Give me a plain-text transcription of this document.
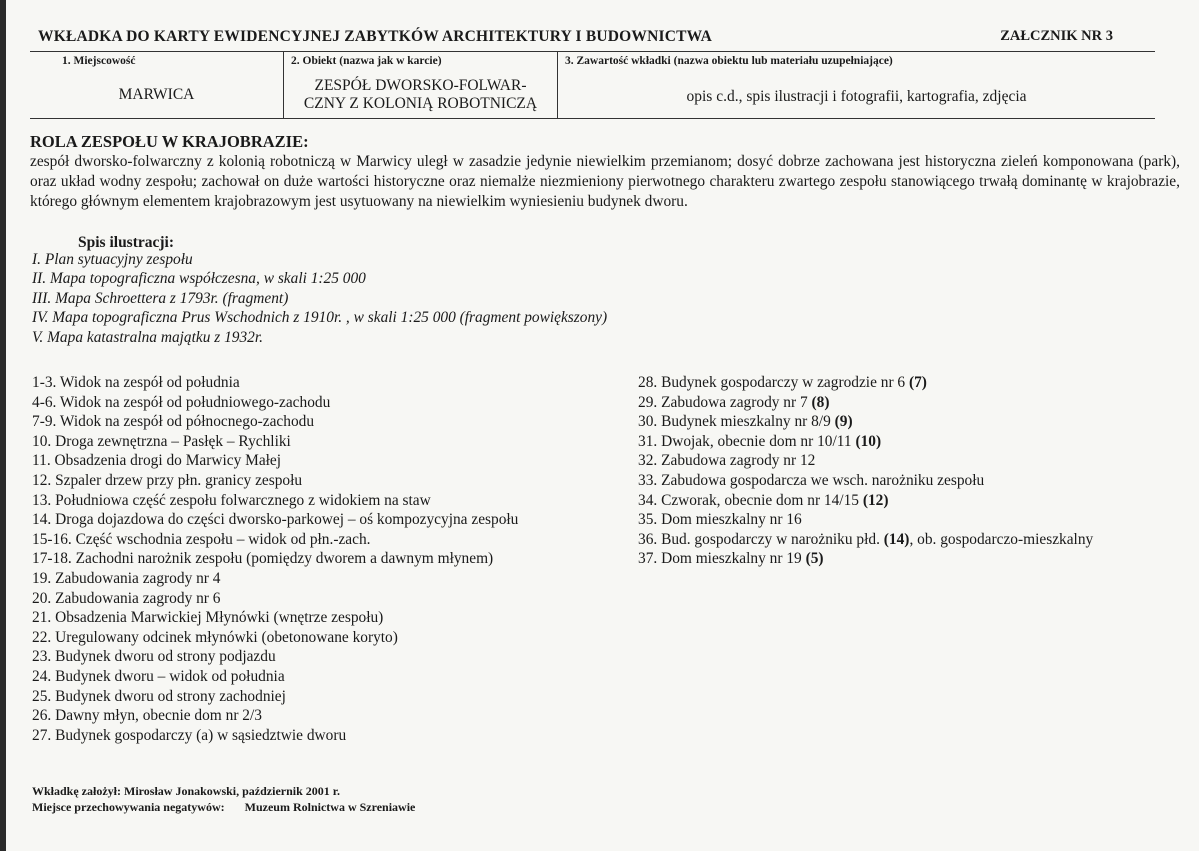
WKŁADKA DO KARTY EWIDENCYJNEJ ZABYTKÓW ARCHITEKTURY I BUDOWNICTWA	ZAŁCZNIK NR 3
1. Miejscowość
MARWICA
2. Obiekt (nazwa jak w karcie)
ZESPÓŁ DWORSKO-FOLWAR-
CZNY Z KOLONIĄ ROBOTNICZĄ
3. Zawartość wkładki (nazwa obiektu lub materiału uzupełniające)
opis c.d., spis ilustracji i fotografii, kartografia, zdjęcia
ROLA ZESPOŁU W KRAJOBRAZIE:
zespół dworsko-folwarczny z kolonią robotniczą w Marwicy uległ w zasadzie jedynie niewielkim przemianom; dosyć dobrze zachowana jest historyczna zieleń komponowana (park), oraz układ wodny zespołu; zachował on duże wartości historyczne oraz niemalże niezmieniony pierwotnego charakteru zwartego zespołu stanowiącego trwałą dominantę w krajobrazie, którego głównym elementem krajobrazowym jest usytuowany na niewielkim wyniesieniu budynek dworu.
Spis ilustracji:
I. Plan sytuacyjny zespołu
II. Mapa topograficzna współczesna, w skali 1:25 000
III. Mapa Schroettera z 1793r. (fragment)
IV. Mapa topograficzna Prus Wschodnich z 1910r. , w skali 1:25 000 (fragment powiększony)
V. Mapa katastralna majątku z 1932r.
1-3. Widok na zespół od południa
4-6. Widok na zespół od południowego-zachodu
7-9. Widok na zespół od północnego-zachodu
10. Droga zewnętrzna – Pasłęk – Rychliki
11. Obsadzenia drogi do Marwicy Małej
12. Szpaler drzew przy płn. granicy zespołu
13. Południowa część zespołu folwarcznego z widokiem na staw
14. Droga dojazdowa do części dworsko-parkowej – oś kompozycyjna zespołu
15-16. Część wschodnia zespołu – widok od płn.-zach.
17-18. Zachodni narożnik zespołu (pomiędzy dworem a dawnym młynem)
19. Zabudowania zagrody nr 4
20. Zabudowania zagrody nr 6
21. Obsadzenia Marwickiej Młynówki (wnętrze zespołu)
22. Uregulowany odcinek młynówki (obetonowane koryto)
23. Budynek dworu od strony podjazdu
24. Budynek dworu – widok od południa
25. Budynek dworu od strony zachodniej
26. Dawny młyn, obecnie dom nr 2/3
27. Budynek gospodarczy (a) w sąsiedztwie dworu
28. Budynek gospodarczy w zagrodzie nr 6 (7)
29. Zabudowa zagrody nr 7 (8)
30. Budynek mieszkalny nr 8/9 (9)
31. Dwojak, obecnie dom nr 10/11 (10)
32. Zabudowa zagrody nr 12
33. Zabudowa gospodarcza we wsch. narożniku zespołu
34. Czworak, obecnie dom nr 14/15 (12)
35. Dom mieszkalny nr 16
36. Bud. gospodarczy w narożniku płd. (14), ob. gospodarczo-mieszkalny
37. Dom mieszkalny nr 19 (5)
Wkładkę założył: Mirosław Jonakowski, październik 2001 r.
Miejsce przechowywania negatywów: Muzeum Rolnictwa w Szreniawie
